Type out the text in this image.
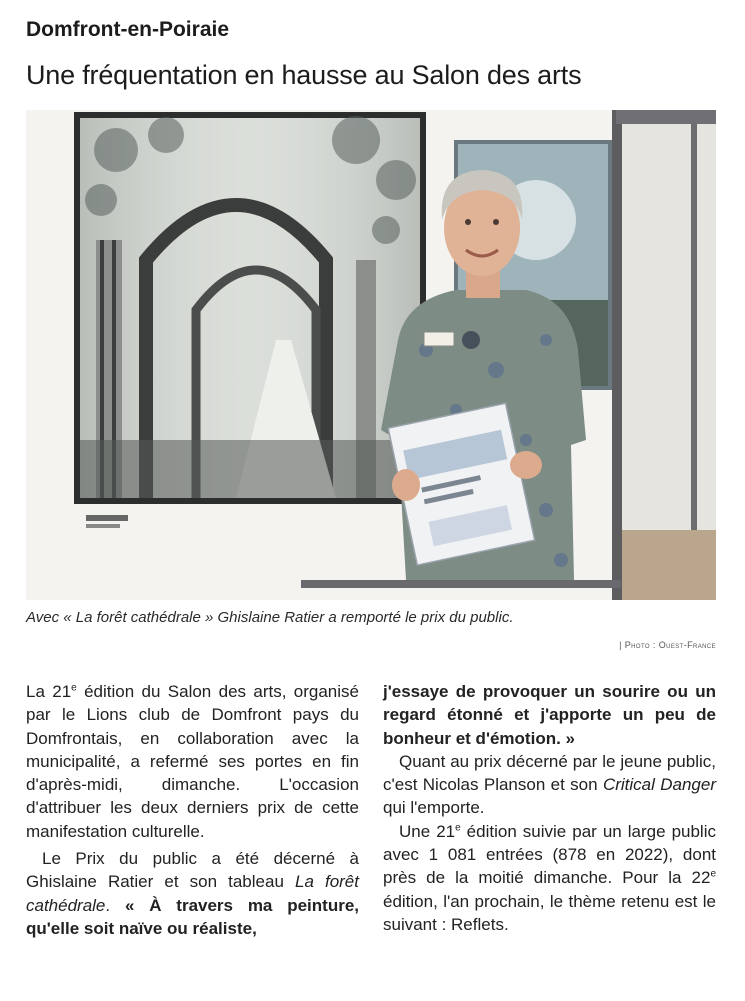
Domfront-en-Poiraie
Une fréquentation en hausse au Salon des arts
Avec « La forêt cathédrale » Ghislaine Ratier a remporté le prix du public.
| Photo : Ouest-France

La 21e édition du Salon des arts, organisé par le Lions club de Domfront pays du Domfrontais, en collaboration avec la municipalité, a refermé ses portes en fin d'après-midi, dimanche. L'occasion d'attribuer les deux derniers prix de cette manifestation culturelle.

Le Prix du public a été décerné à Ghislaine Ratier et son tableau La forêt cathédrale. « À travers ma peinture, qu'elle soit naïve ou réaliste,

j'essaye de provoquer un sourire ou un regard étonné et j'apporte un peu de bonheur et d'émotion. »

Quant au prix décerné par le jeune public, c'est Nicolas Planson et son Critical Danger qui l'emporte.

Une 21e édition suivie par un large public avec 1 081 entrées (878 en 2022), dont près de la moitié dimanche. Pour la 22e édition, l'an prochain, le thème retenu est le suivant : Reflets.
